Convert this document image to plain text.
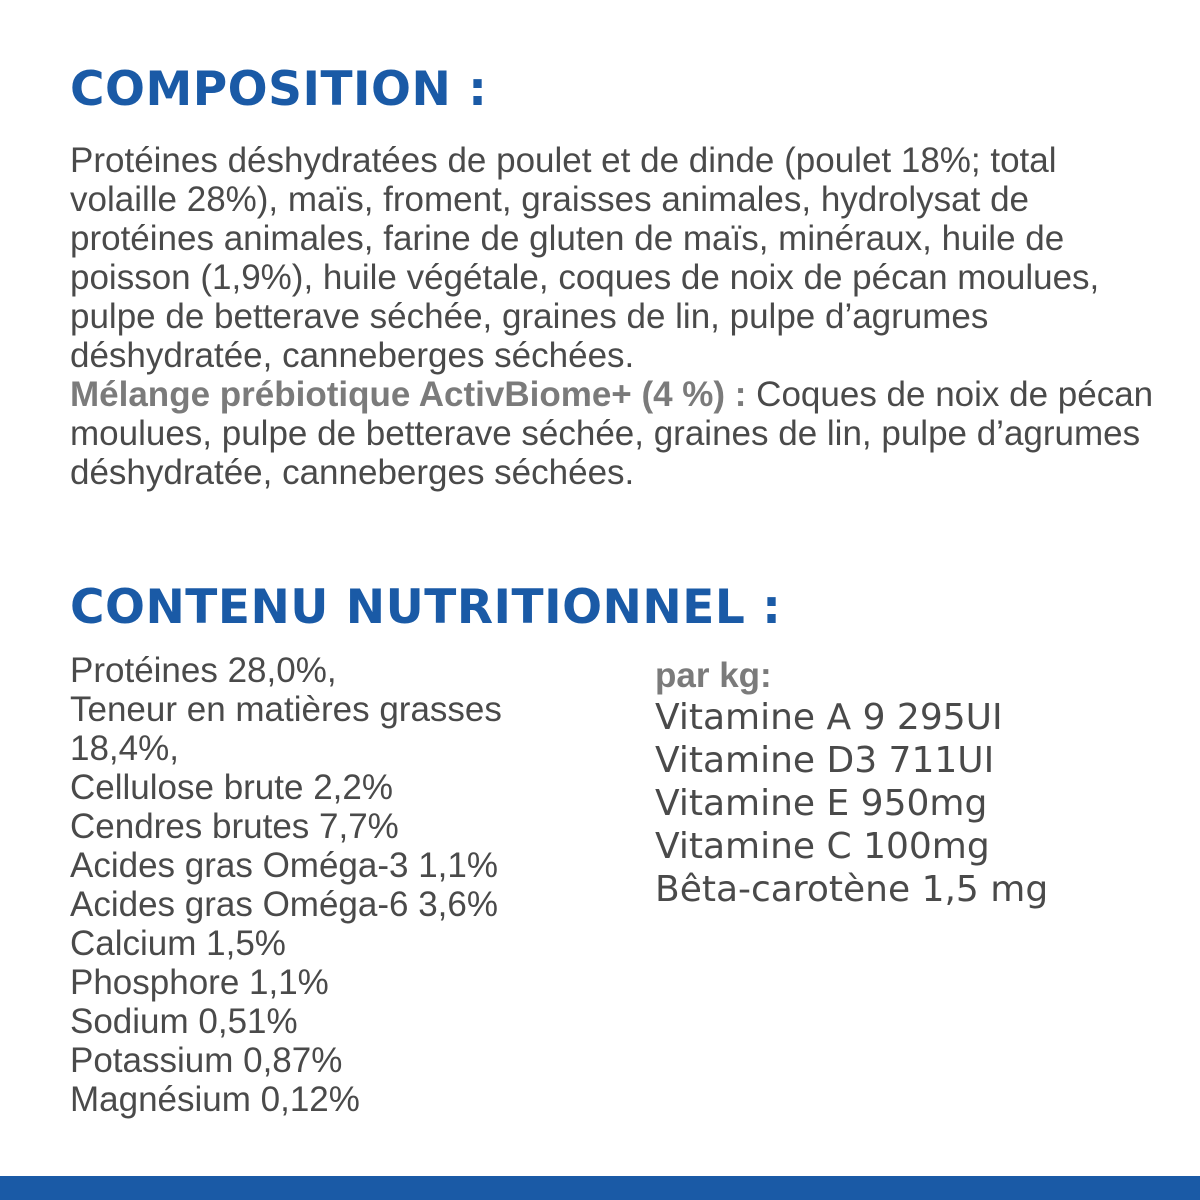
COMPOSITION :

Protéines déshydratées de poulet et de dinde (poulet 18%; total volaille 28%), maïs, froment, graisses animales, hydrolysat de protéines animales, farine de gluten de maïs, minéraux, huile de poisson (1,9%), huile végétale, coques de noix de pécan moulues, pulpe de betterave séchée, graines de lin, pulpe d’agrumes déshydratée, canneberges séchées.

Mélange prébiotique ActivBiome+ (4 %) : Coques de noix de pécan moulues, pulpe de betterave séchée, graines de lin, pulpe d’agrumes déshydratée, canneberges séchées.

CONTENU NUTRITIONNEL :
Protéines 28,0%,
Teneur en matières grasses 18,4%,
Cellulose brute 2,2%
Cendres brutes 7,7%
Acides gras Oméga-3 1,1%
Acides gras Oméga-6 3,6%
Calcium 1,5%
Phosphore 1,1%
Sodium 0,51%
Potassium 0,87%
Magnésium 0,12%

par kg:

Vitamine A 9 295UI
Vitamine D3 711UI
Vitamine E 950mg
Vitamine C 100mg
Bêta-carotène 1,5 mg
